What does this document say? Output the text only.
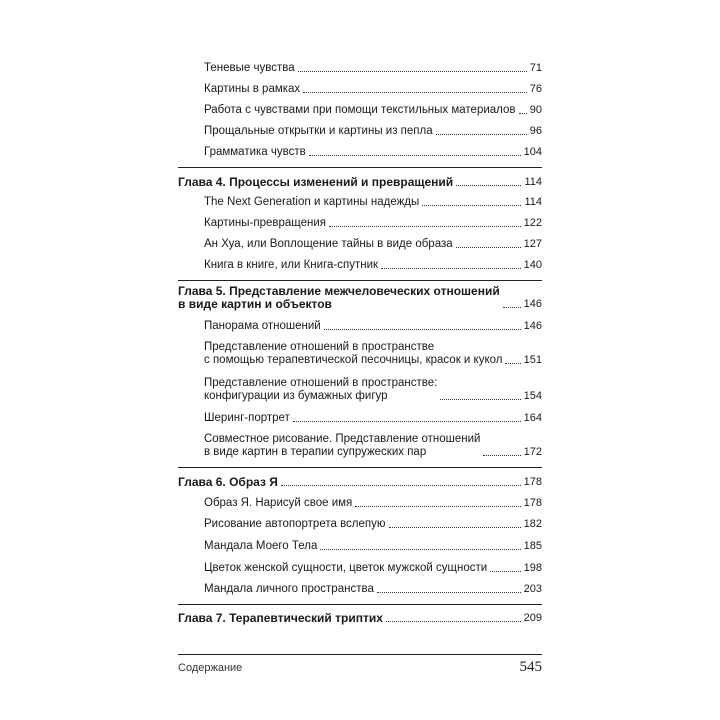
Теневые чувства	71
Картины в рамках	76
Работа с чувствами при помощи текстильных материалов 90
Прощальные открытки и картины из пепла	96
Грамматика чувств	104
Глава 4. Процессы изменений и превращений	114
The Next Generation и картины надежды	114
Картины-превращения	122
Ан Хуа, или Воплощение тайны в виде образа	127
Книга в книге, или Книга-спутник	140
Глава 5. Представление межчеловеческих отношений
в виде картин и объектов	146
Панорама отношений	146
Представление отношений в пространстве
с помощью терапевтической песочницы, красок и кукол 151
Представление отношений в пространстве:
конфигурации из бумажных фигур	154
Шеринг-портрет	164
Совместное рисование. Представление отношений
в виде картин в терапии супружеских пар	172
Глава 6. Образ Я	178
Образ Я. Нарисуй свое имя	178
Рисование автопортрета вслепую	182
Мандала Моего Тела	185
Цветок женской сущности, цветок мужской сущности	198
Мандала личного пространства	203
Глава 7. Терапевтический триптих	209
Содержание	545
